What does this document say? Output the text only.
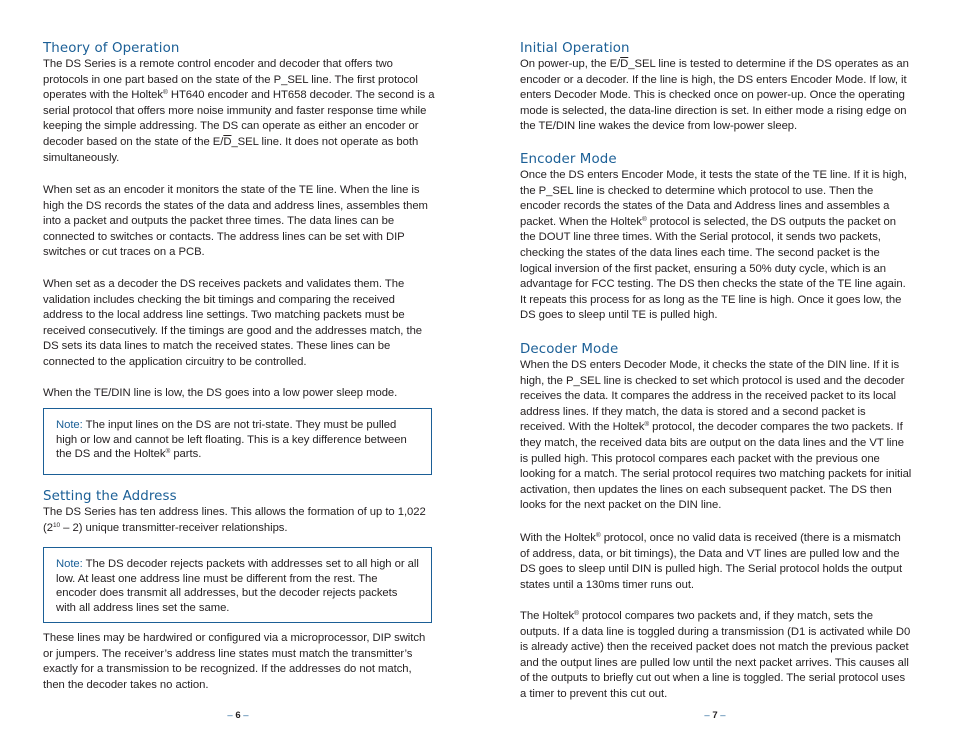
Theory of Operation

The DS Series is a remote control encoder and decoder that offers two protocols in one part based on the state of the P_SEL line. The first protocol operates with the Holtek® HT640 encoder and HT658 decoder. The second is a serial protocol that offers more noise immunity and faster response time while keeping the simple addressing. The DS can operate as either an encoder or decoder based on the state of the $E/\overline{D}\_SEL$ line. It does not operate as both simultaneously.

When set as an encoder it monitors the state of the TE line. When the line is high the DS records the states of the data and address lines, assembles them into a packet and outputs the packet three times. The data lines can be connected to switches or contacts. The address lines can be set with DIP switches or cut traces on a PCB.

When set as a decoder the DS receives packets and validates them. The validation includes checking the bit timings and comparing the received address to the local address line settings. Two matching packets must be received consecutively. If the timings are good and the addresses match, the DS sets its data lines to match the received states. These lines can be connected to the application circuitry to be controlled.

When the TE/DIN line is low, the DS goes into a low power sleep mode.

Note: The input lines on the DS are not tri-state. They must be pulled high or low and cannot be left floating. This is a key difference between the DS and the Holtek® parts.

Setting the Address

The DS Series has ten address lines. This allows the formation of up to 1,022 $(2^{10} - 2)$ unique transmitter-receiver relationships.

Note: The DS decoder rejects packets with addresses set to all high or all low. At least one address line must be different from the rest. The encoder does transmit all addresses, but the decoder rejects packets with all address lines set the same.

These lines may be hardwired or configured via a microprocessor, DIP switch or jumpers. The receiver’s address line states must match the transmitter’s exactly for a transmission to be recognized. If the addresses do not match, then the decoder takes no action.

– 6 –
Initial Operation

On power-up, the $E/\overline{D}\_SEL$ line is tested to determine if the DS operates as an encoder or a decoder. If the line is high, the DS enters Encoder Mode. If low, it enters Decoder Mode. This is checked once on power-up. Once the operating mode is selected, the data-line direction is set. In either mode a rising edge on the TE/DIN line wakes the device from low-power sleep.

Encoder Mode

Once the DS enters Encoder Mode, it tests the state of the TE line. If it is high, the P_SEL line is checked to determine which protocol to use. Then the encoder records the states of the Data and Address lines and assembles a packet. When the Holtek® protocol is selected, the DS outputs the packet on the DOUT line three times. With the Serial protocol, it sends two packets, checking the states of the data lines each time. The second packet is the logical inversion of the first packet, ensuring a 50% duty cycle, which is an advantage for FCC testing. The DS then checks the state of the TE line again. It repeats this process for as long as the TE line is high. Once it goes low, the DS goes to sleep until TE is pulled high.

Decoder Mode

When the DS enters Decoder Mode, it checks the state of the DIN line. If it is high, the P_SEL line is checked to set which protocol is used and the decoder receives the data. It compares the address in the received packet to its local address lines. If they match, the data is stored and a second packet is received. With the Holtek® protocol, the decoder compares the two packets. If they match, the received data bits are output on the data lines and the VT line is pulled high. This protocol compares each packet with the previous one looking for a match. The serial protocol requires two matching packets for initial activation, then updates the lines on each subsequent packet. The DS then looks for the next packet on the DIN line.

With the Holtek® protocol, once no valid data is received (there is a mismatch of address, data, or bit timings), the Data and VT lines are pulled low and the DS goes to sleep until DIN is pulled high. The Serial protocol holds the output states until a 130ms timer runs out.

The Holtek® protocol compares two packets and, if they match, sets the outputs. If a data line is toggled during a transmission (D1 is activated while D0 is already active) then the received packet does not match the previous packet and the output lines are pulled low until the next packet arrives. This causes all of the outputs to briefly cut out when a line is toggled. The serial protocol uses a timer to prevent this cut out.

– 7 –
